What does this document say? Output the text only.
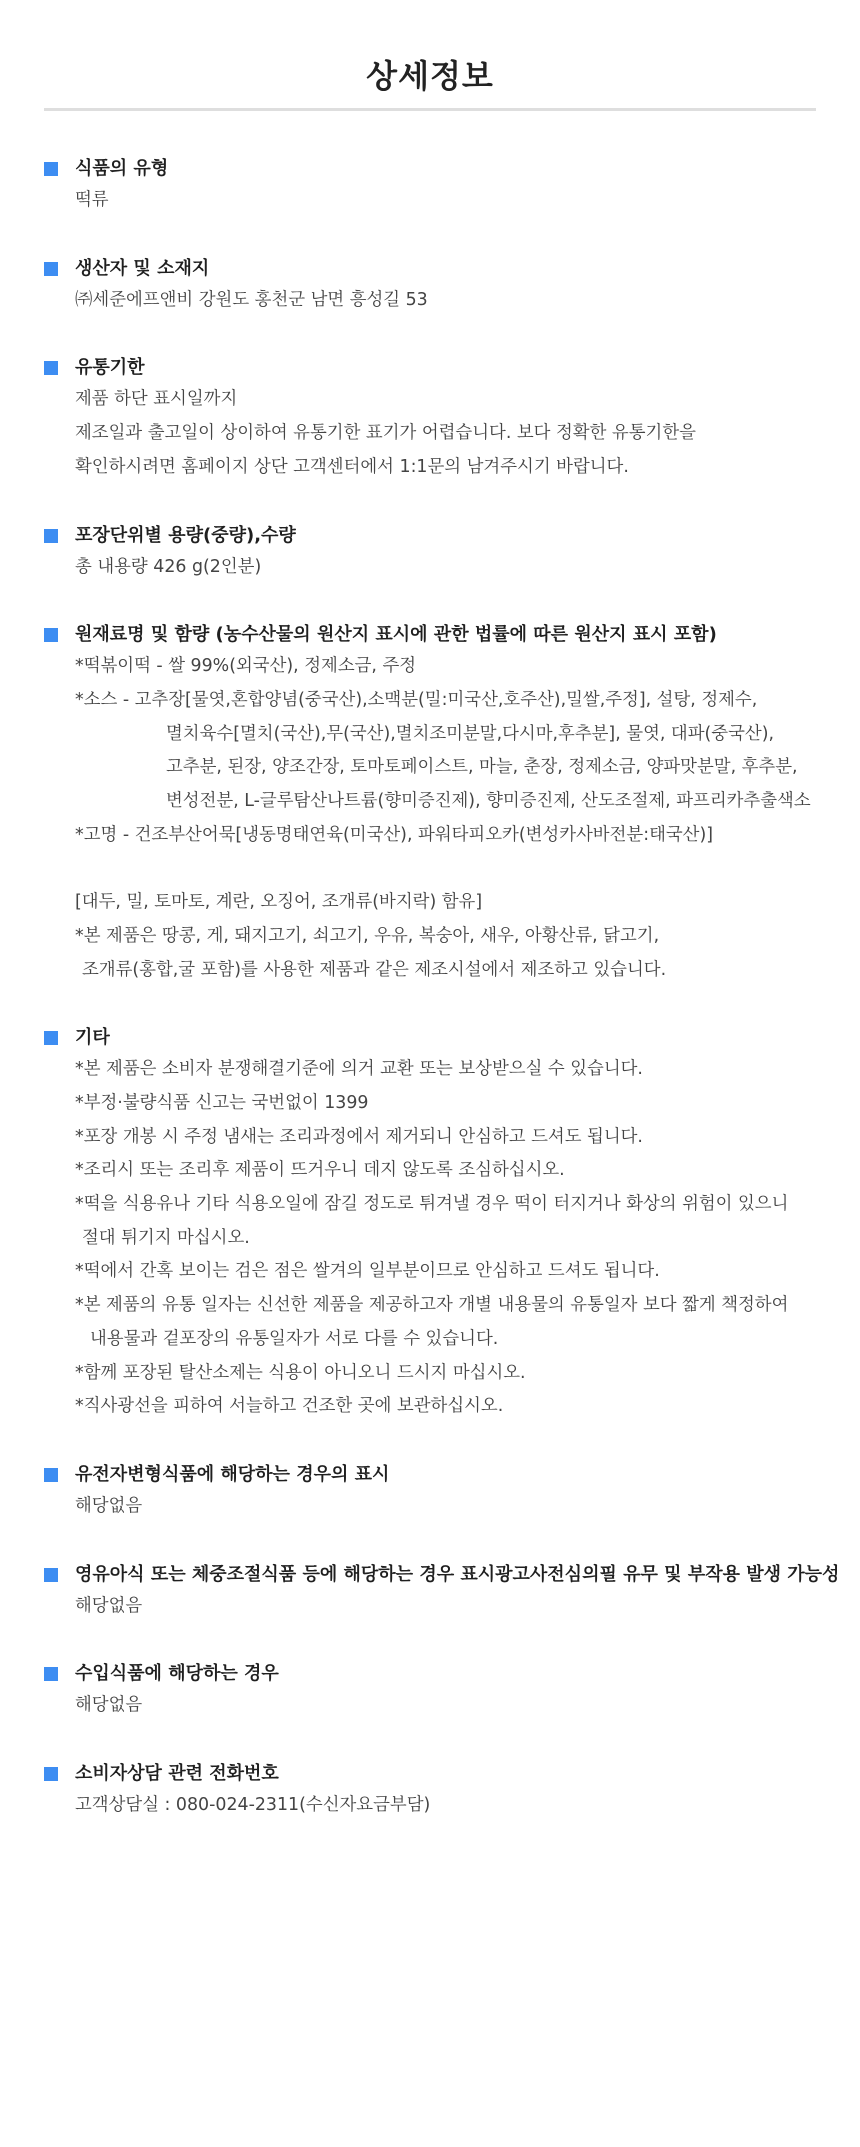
상세정보
식품의 유형
떡류
생산자 및 소재지
㈜세준에프앤비 강원도 홍천군 남면 흥성길 53
유통기한
제품 하단 표시일까지
제조일과 출고일이 상이하여 유통기한 표기가 어렵습니다. 보다 정확한 유통기한을
확인하시려면 홈페이지 상단 고객센터에서 1:1문의 남겨주시기 바랍니다.
포장단위별 용량(중량),수량
총 내용량 426 g(2인분)
원재료명 및 함량 (농수산물의 원산지 표시에 관한 법률에 따른 원산지 표시 포함)
*떡볶이떡 - 쌀 99%(외국산), 정제소금, 주정
*소스 - 고추장[물엿,혼합양념(중국산),소맥분(밀:미국산,호주산),밀쌀,주정], 설탕, 정제수,
멸치육수[멸치(국산),무(국산),멸치조미분말,다시마,후추분], 물엿, 대파(중국산),
고추분, 된장, 양조간장, 토마토페이스트, 마늘, 춘장, 정제소금, 양파맛분말, 후추분,
변성전분, L-글루탐산나트륨(향미증진제), 향미증진제, 산도조절제, 파프리카추출색소
*고명 - 건조부산어묵[냉동명태연육(미국산), 파워타피오카(변성카사바전분:태국산)]
[대두, 밀, 토마토, 계란, 오징어, 조개류(바지락) 함유]
*본 제품은 땅콩, 게, 돼지고기, 쇠고기, 우유, 복숭아, 새우, 아황산류, 닭고기,
조개류(홍합,굴 포함)를 사용한 제품과 같은 제조시설에서 제조하고 있습니다.
기타
*본 제품은 소비자 분쟁해결기준에 의거 교환 또는 보상받으실 수 있습니다.
*부정·불량식품 신고는 국번없이 1399
*포장 개봉 시 주정 냄새는 조리과정에서 제거되니 안심하고 드셔도 됩니다.
*조리시 또는 조리후 제품이 뜨거우니 데지 않도록 조심하십시오.
*떡을 식용유나 기타 식용오일에 잠길 정도로 튀겨낼 경우 떡이 터지거나 화상의 위험이 있으니
절대 튀기지 마십시오.
*떡에서 간혹 보이는 검은 점은 쌀겨의 일부분이므로 안심하고 드셔도 됩니다.
*본 제품의 유통 일자는 신선한 제품을 제공하고자 개별 내용물의 유통일자 보다 짧게 책정하여
내용물과 겉포장의 유통일자가 서로 다를 수 있습니다.
*함께 포장된 탈산소제는 식용이 아니오니 드시지 마십시오.
*직사광선을 피하여 서늘하고 건조한 곳에 보관하십시오.
유전자변형식품에 해당하는 경우의 표시
해당없음
영유아식 또는 체중조절식품 등에 해당하는 경우 표시광고사전심의필 유무 및 부작용 발생 가능성
해당없음
수입식품에 해당하는 경우
해당없음
소비자상담 관련 전화번호
고객상담실 : 080-024-2311(수신자요금부담)
